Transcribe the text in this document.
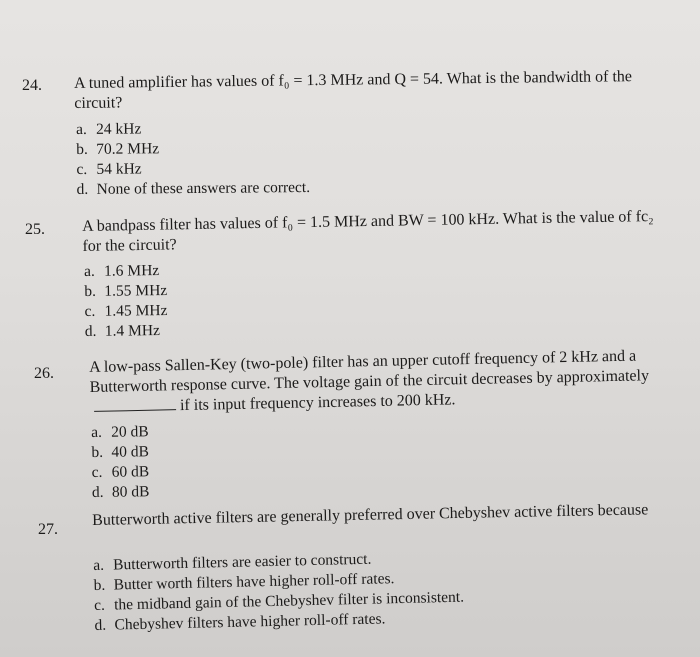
24. A tuned amplifier has values of f₀ = 1.3 MHz and Q = 54. What is the bandwidth of the circuit?
a. 24 kHz
b. 70.2 MHz
c. 54 kHz
d. None of these answers are correct.
25. A bandpass filter has values of f₀ = 1.5 MHz and BW = 100 kHz. What is the value of fc₂ for the circuit?
a. 1.6 MHz
b. 1.55 MHz
c. 1.45 MHz
d. 1.4 MHz
26. A low-pass Sallen-Key (two-pole) filter has an upper cutoff frequency of 2 kHz and a Butterworth response curve. The voltage gain of the circuit decreases by approximatelyif its input frequency increases to 200 kHz.
a. 20 dB
b. 40 dB
c. 60 dB
d. 80 dB
27.
Butterworth active filters are generally preferred over Chebyshev active filters because
a. Butterworth filters are easier to construct.
b. Butter worth filters have higher roll-off rates.
c. the midband gain of the Chebyshev filter is inconsistent.
d. Chebyshev filters have higher roll-off rates.
